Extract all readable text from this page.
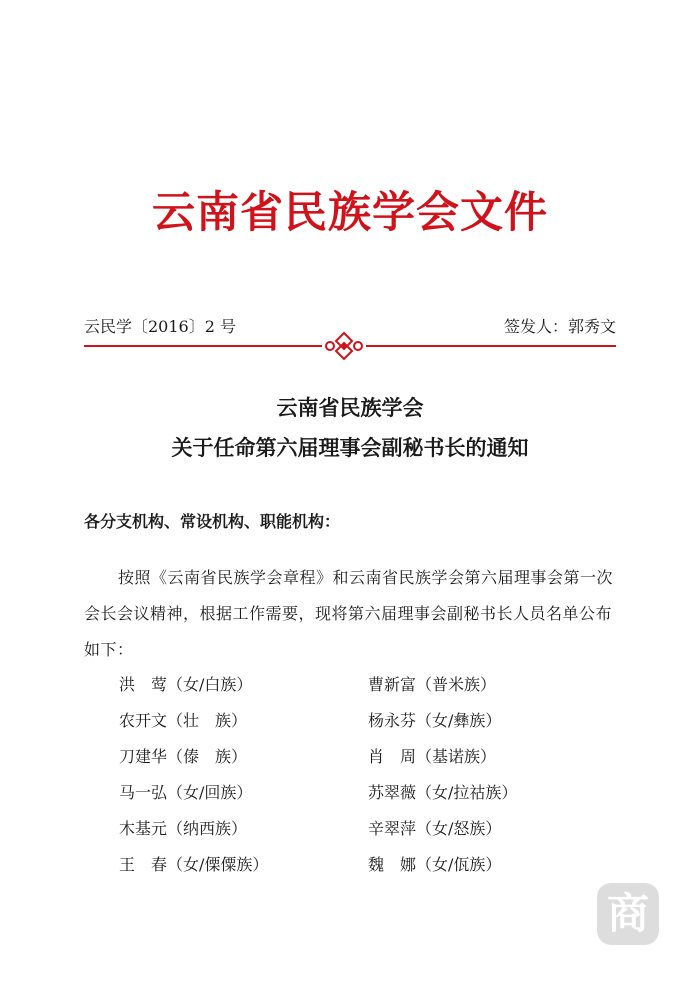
云南省民族学会文件
云民学〔2016〕2 号	签发人：郭秀文
云南省民族学会
关于任命第六届理事会副秘书长的通知
各分支机构、常设机构、职能机构：
按照《云南省民族学会章程》和云南省民族学会第六届理事会第一次会长会议精神，根据工作需要，现将第六届理事会副秘书长人员名单公布如下：
洪　莺（女/白族）	曹新富（普米族）
农开文（壮　族）	杨永芬（女/彝族）
刀建华（傣　族）	肖　周（基诺族）
马一弘（女/回族）	苏翠薇（女/拉祜族）
木基元（纳西族）	辛翠萍（女/怒族）
王　春（女/傈僳族）	魏　娜（女/佤族）
商
